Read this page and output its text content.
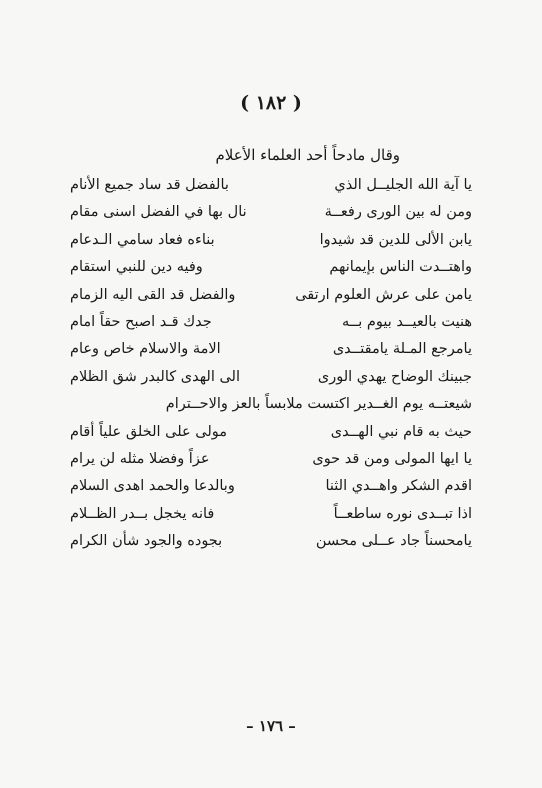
( ١٨٢ )
وقال مادحاً أحد العلماء الأعلام
يا آية الله الجليــل الذي
بالفضل قد ساد جميع الأنام
ومن له بين الورى رفعــة
نال بها في الفضل اسنى مقام
يابن الألى للدين قد شيدوا
بناءه فعاد سامي الـدعام
واهتــدت الناس بإيمانهم
وفيه دين للنبي استقام
يامن على عرش العلوم ارتقى
والفضل قد القى اليه الزمام
هنيت بالعيــد بيوم بــه
جدك قـد اصبح حقاً امام
يامرجع المـلة يامقتــدى
الامة والاسلام خاص وعام
جبينك الوضاح يهدي الورى
الى الهدى كالبدر شق الظلام
شيعتــه يوم الغــدير اكتست ملابساً بالعز والاحــترام
حيث به قام نبي الهــدى
مولى على الخلق علياً أقام
يا ايها المولى ومن قد حوى
عزاً وفضلا مثله لن يرام
اقدم الشكر واهــدي الثنا
وبالدعا والحمد اهدى السلام
اذا تبــدى نوره ساطعــاً
فانه يخجل بــدر الظــلام
يامحسناً جاد عــلى محسن
بجوده والجود شأن الكرام
– ١٧٦ –
